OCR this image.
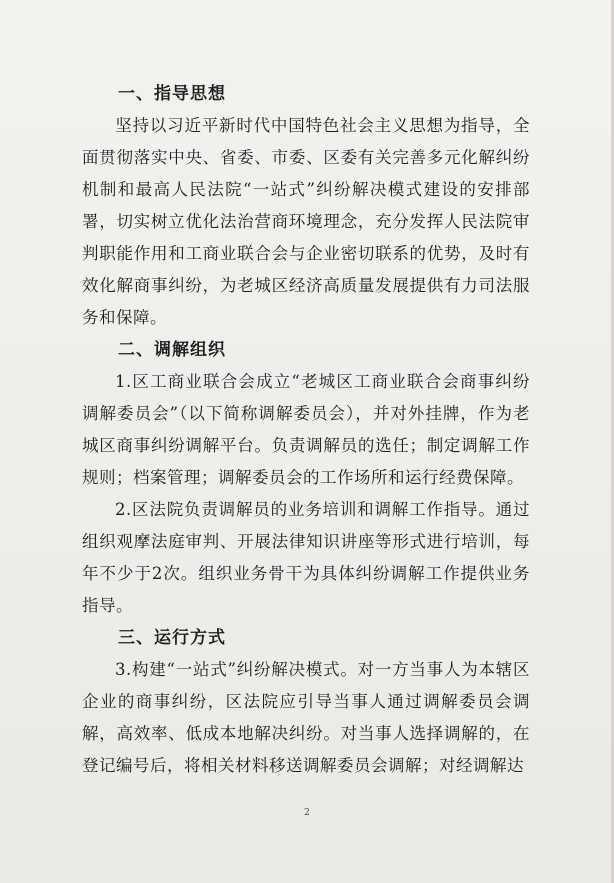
一、指导思想

坚持以习近平新时代中国特色社会主义思想为指导，全面贯彻落实中央、省委、市委、区委有关完善多元化解纠纷机制和最高人民法院“一站式”纠纷解决模式建设的安排部署，切实树立优化法治营商环境理念，充分发挥人民法院审判职能作用和工商业联合会与企业密切联系的优势，及时有效化解商事纠纷，为老城区经济高质量发展提供有力司法服务和保障。

二、调解组织

1.区工商业联合会成立“老城区工商业联合会商事纠纷调解委员会”（以下简称调解委员会），并对外挂牌，作为老城区商事纠纷调解平台。负责调解员的选任；制定调解工作规则；档案管理；调解委员会的工作场所和运行经费保障。

2.区法院负责调解员的业务培训和调解工作指导。通过组织观摩法庭审判、开展法律知识讲座等形式进行培训，每年不少于2次。组织业务骨干为具体纠纷调解工作提供业务指导。

三、运行方式

3.构建“一站式”纠纷解决模式。对一方当事人为本辖区企业的商事纠纷，区法院应引导当事人通过调解委员会调解，高效率、低成本地解决纠纷。对当事人选择调解的，在登记编号后，将相关材料移送调解委员会调解；对经调解达

2
